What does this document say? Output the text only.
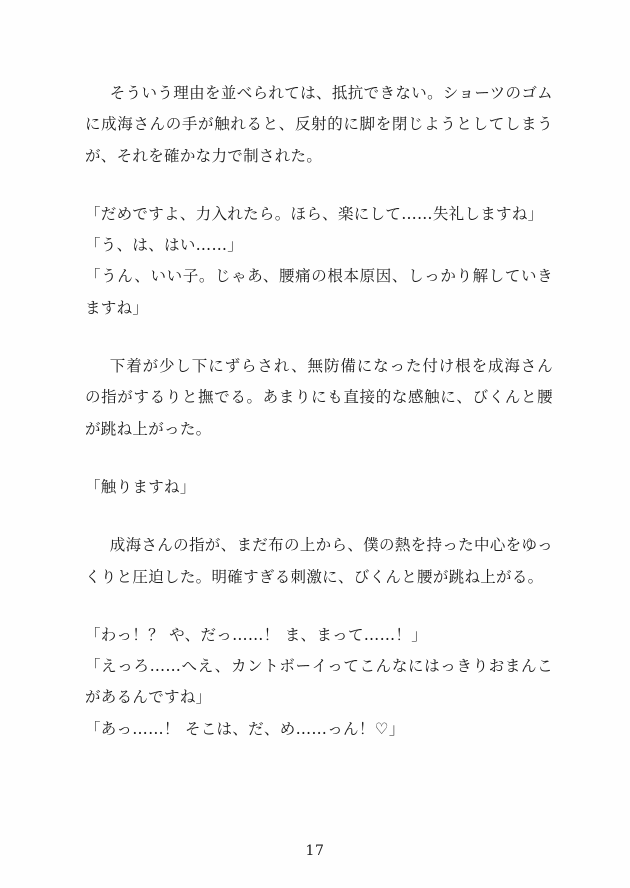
そういう理由を並べられては、抵抗できない。ショーツのゴムに成海さんの手が触れると、反射的に脚を閉じようとしてしまうが、それを確かな力で制された。

「だめですよ、力入れたら。ほら、楽にして……失礼しますね」

「う、は、はい……」

「うん、いい子。じゃあ、腰痛の根本原因、しっかり解していきますね」

下着が少し下にずらされ、無防備になった付け根を成海さんの指がするりと撫でる。あまりにも直接的な感触に、びくんと腰が跳ね上がった。

「触りますね」

成海さんの指が、まだ布の上から、僕の熱を持った中心をゆっくりと圧迫した。明確すぎる刺激に、びくんと腰が跳ね上がる。

「わっ！？ や、だっ……！ ま、まって……！」

「えっろ……へえ、カントボーイってこんなにはっきりおまんこがあるんですね」

「あっ……！ そこは、だ、め……っん！♡」

17
